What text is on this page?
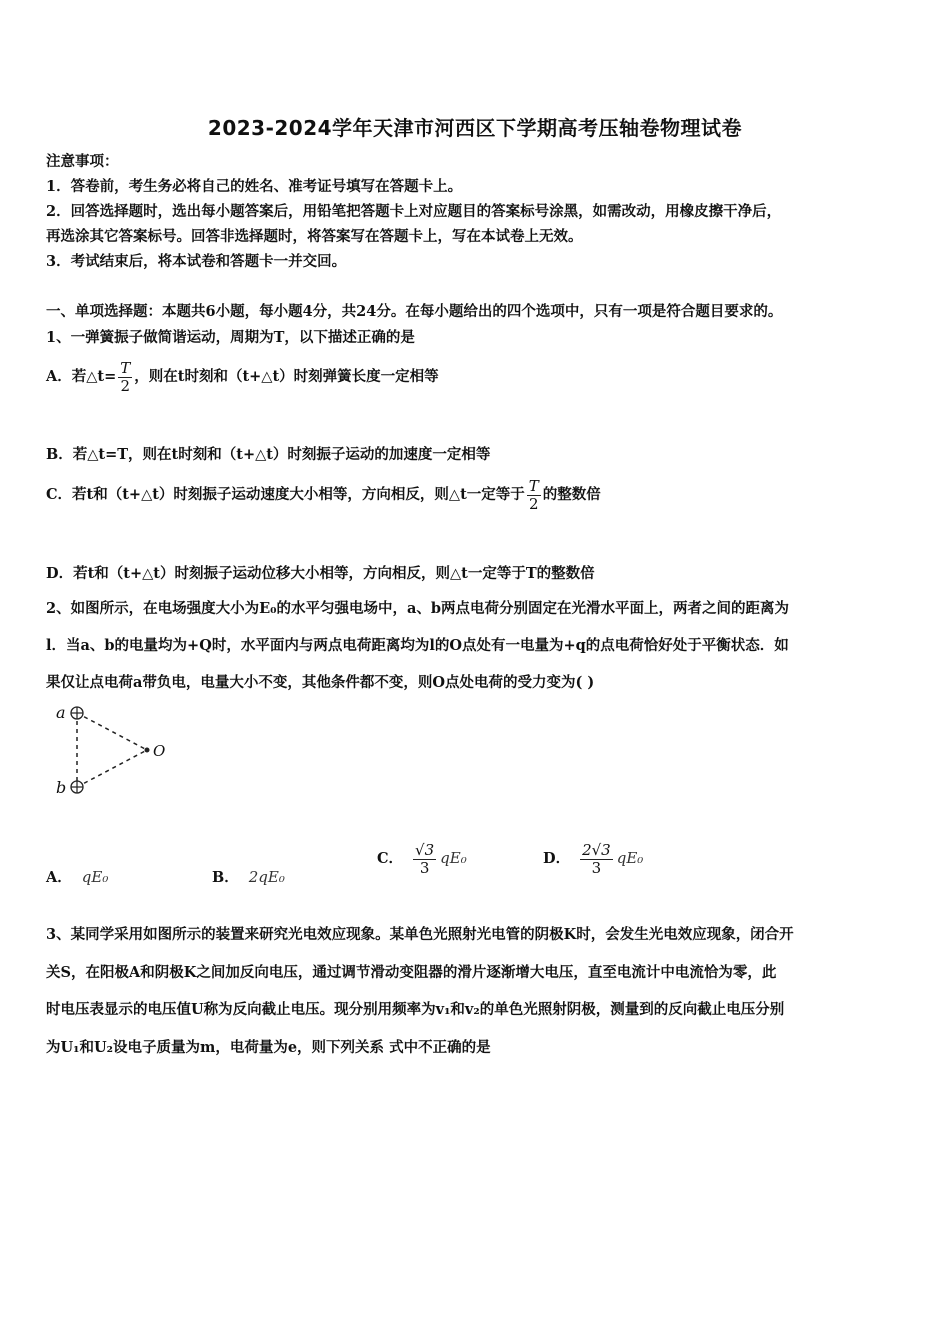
2023-2024学年天津市河西区下学期高考压轴卷物理试卷
注意事项：
1．答卷前，考生务必将自己的姓名、准考证号填写在答题卡上。
2．回答选择题时，选出每小题答案后，用铅笔把答题卡上对应题目的答案标号涂黑，如需改动，用橡皮擦干净后，
再选涂其它答案标号。回答非选择题时，将答案写在答题卡上，写在本试卷上无效。
3．考试结束后，将本试卷和答题卡一并交回。
一、单项选择题：本题共6小题，每小题4分，共24分。在每小题给出的四个选项中，只有一项是符合题目要求的。
1、一弹簧振子做简谐运动，周期为T，以下描述正确的是
A．若△t= $\frac{T}{2}$ ，则在t时刻和（t+△t）时刻弹簧长度一定相等
B．若△t=T，则在t时刻和（t+△t）时刻振子运动的加速度一定相等
C．若t和（t+△t）时刻振子运动速度大小相等，方向相反，则△t一定等于 $\frac{T}{2}$ 的整数倍
D．若t和（t+△t）时刻振子运动位移大小相等，方向相反，则△t一定等于T的整数倍
2、如图所示，在电场强度大小为E₀的水平匀强电场中，a、b两点电荷分别固定在光滑水平面上，两者之间的距离为
l．当a、b的电量均为+Q时，水平面内与两点电荷距离均为l的O点处有一电量为+q的点电荷恰好处于平衡状态．如
果仅让点电荷a带负电，电量大小不变，其他条件都不变，则O点处电荷的受力变为( )
a
b
O
A． qE₀	B． 2qE₀
C． $\frac{√3}{3} qE_0$	D． $\frac{2√3}{3} qE_0$
3、某同学采用如图所示的装置来研究光电效应现象。某单色光照射光电管的阴极K时，会发生光电效应现象，闭合开
关S，在阳极A和阴极K之间加反向电压，通过调节滑动变阻器的滑片逐渐增大电压，直至电流计中电流恰为零，此
时电压表显示的电压值U称为反向截止电压。现分别用频率为v₁和v₂的单色光照射阴极，测量到的反向截止电压分别
为U₁和U₂设电子质量为m，电荷量为e，则下列关系 式中不正确的是
